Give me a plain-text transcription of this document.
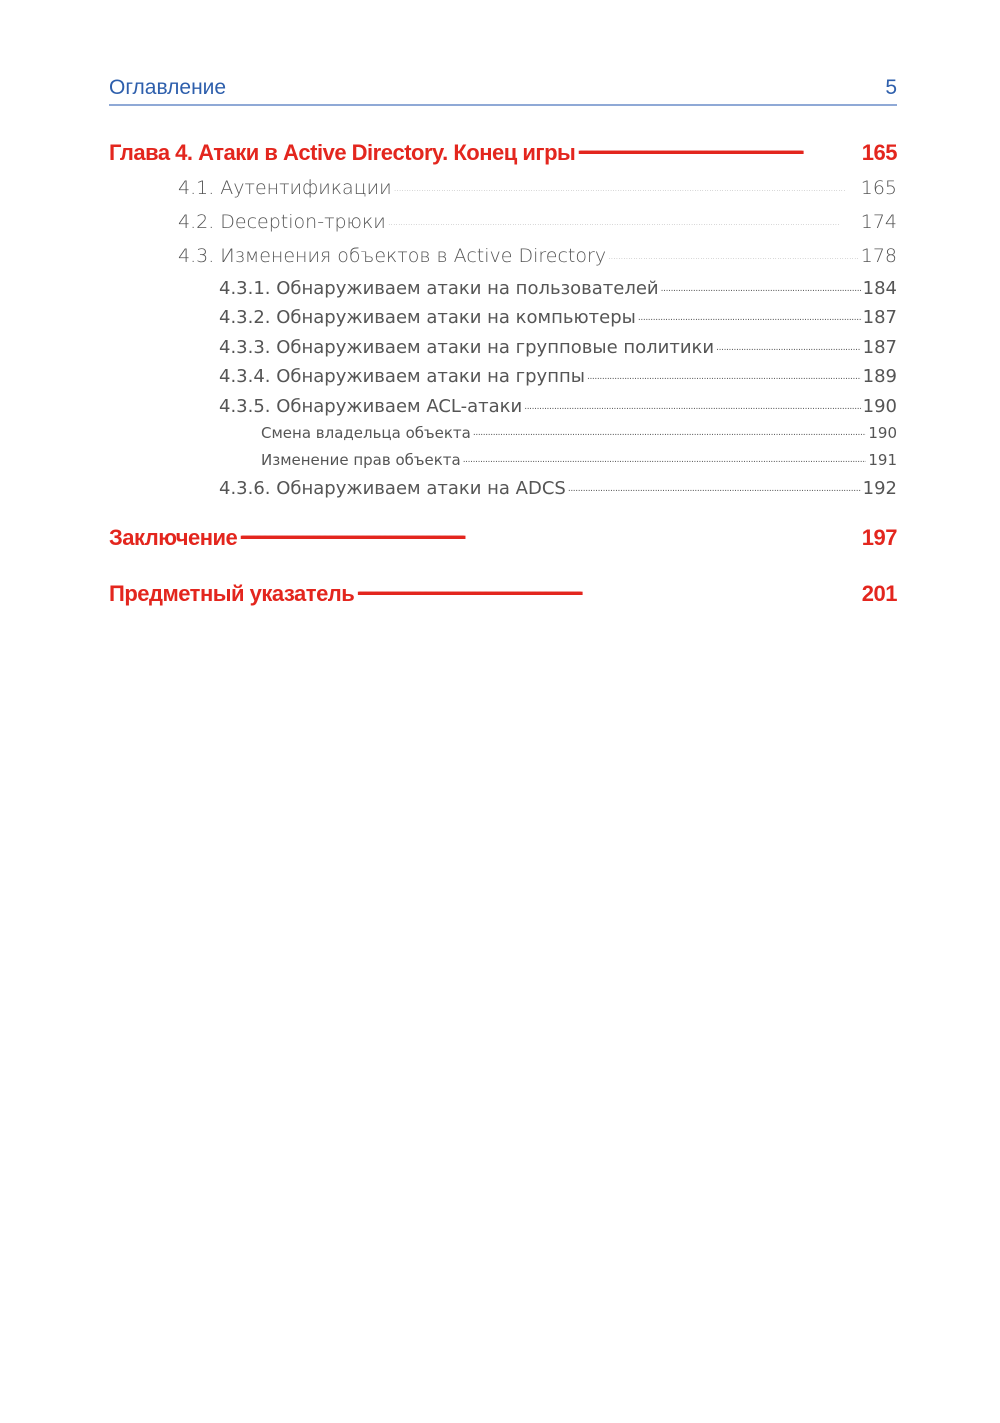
Оглавление	5
Глава 4. Атаки в Active Directory. Конец игры . . .	165
4.1. Аутентификации . . .	165
4.2. Deception-трюки . . .	174
4.3. Изменения объектов в Active Directory . . .	178
4.3.1. Обнаруживаем атаки на пользователей . . .	184
4.3.2. Обнаруживаем атаки на компьютеры . . .	187
4.3.3. Обнаруживаем атаки на групповые политики . . .	187
4.3.4. Обнаруживаем атаки на группы . . .	189
4.3.5. Обнаруживаем ACL-атаки . . .	190
Смена владельца объекта . . .	190
Изменение прав объекта . . .	191
4.3.6. Обнаруживаем атаки на ADCS . . .	192
Заключение . . .	197
Предметный указатель . . .	201
